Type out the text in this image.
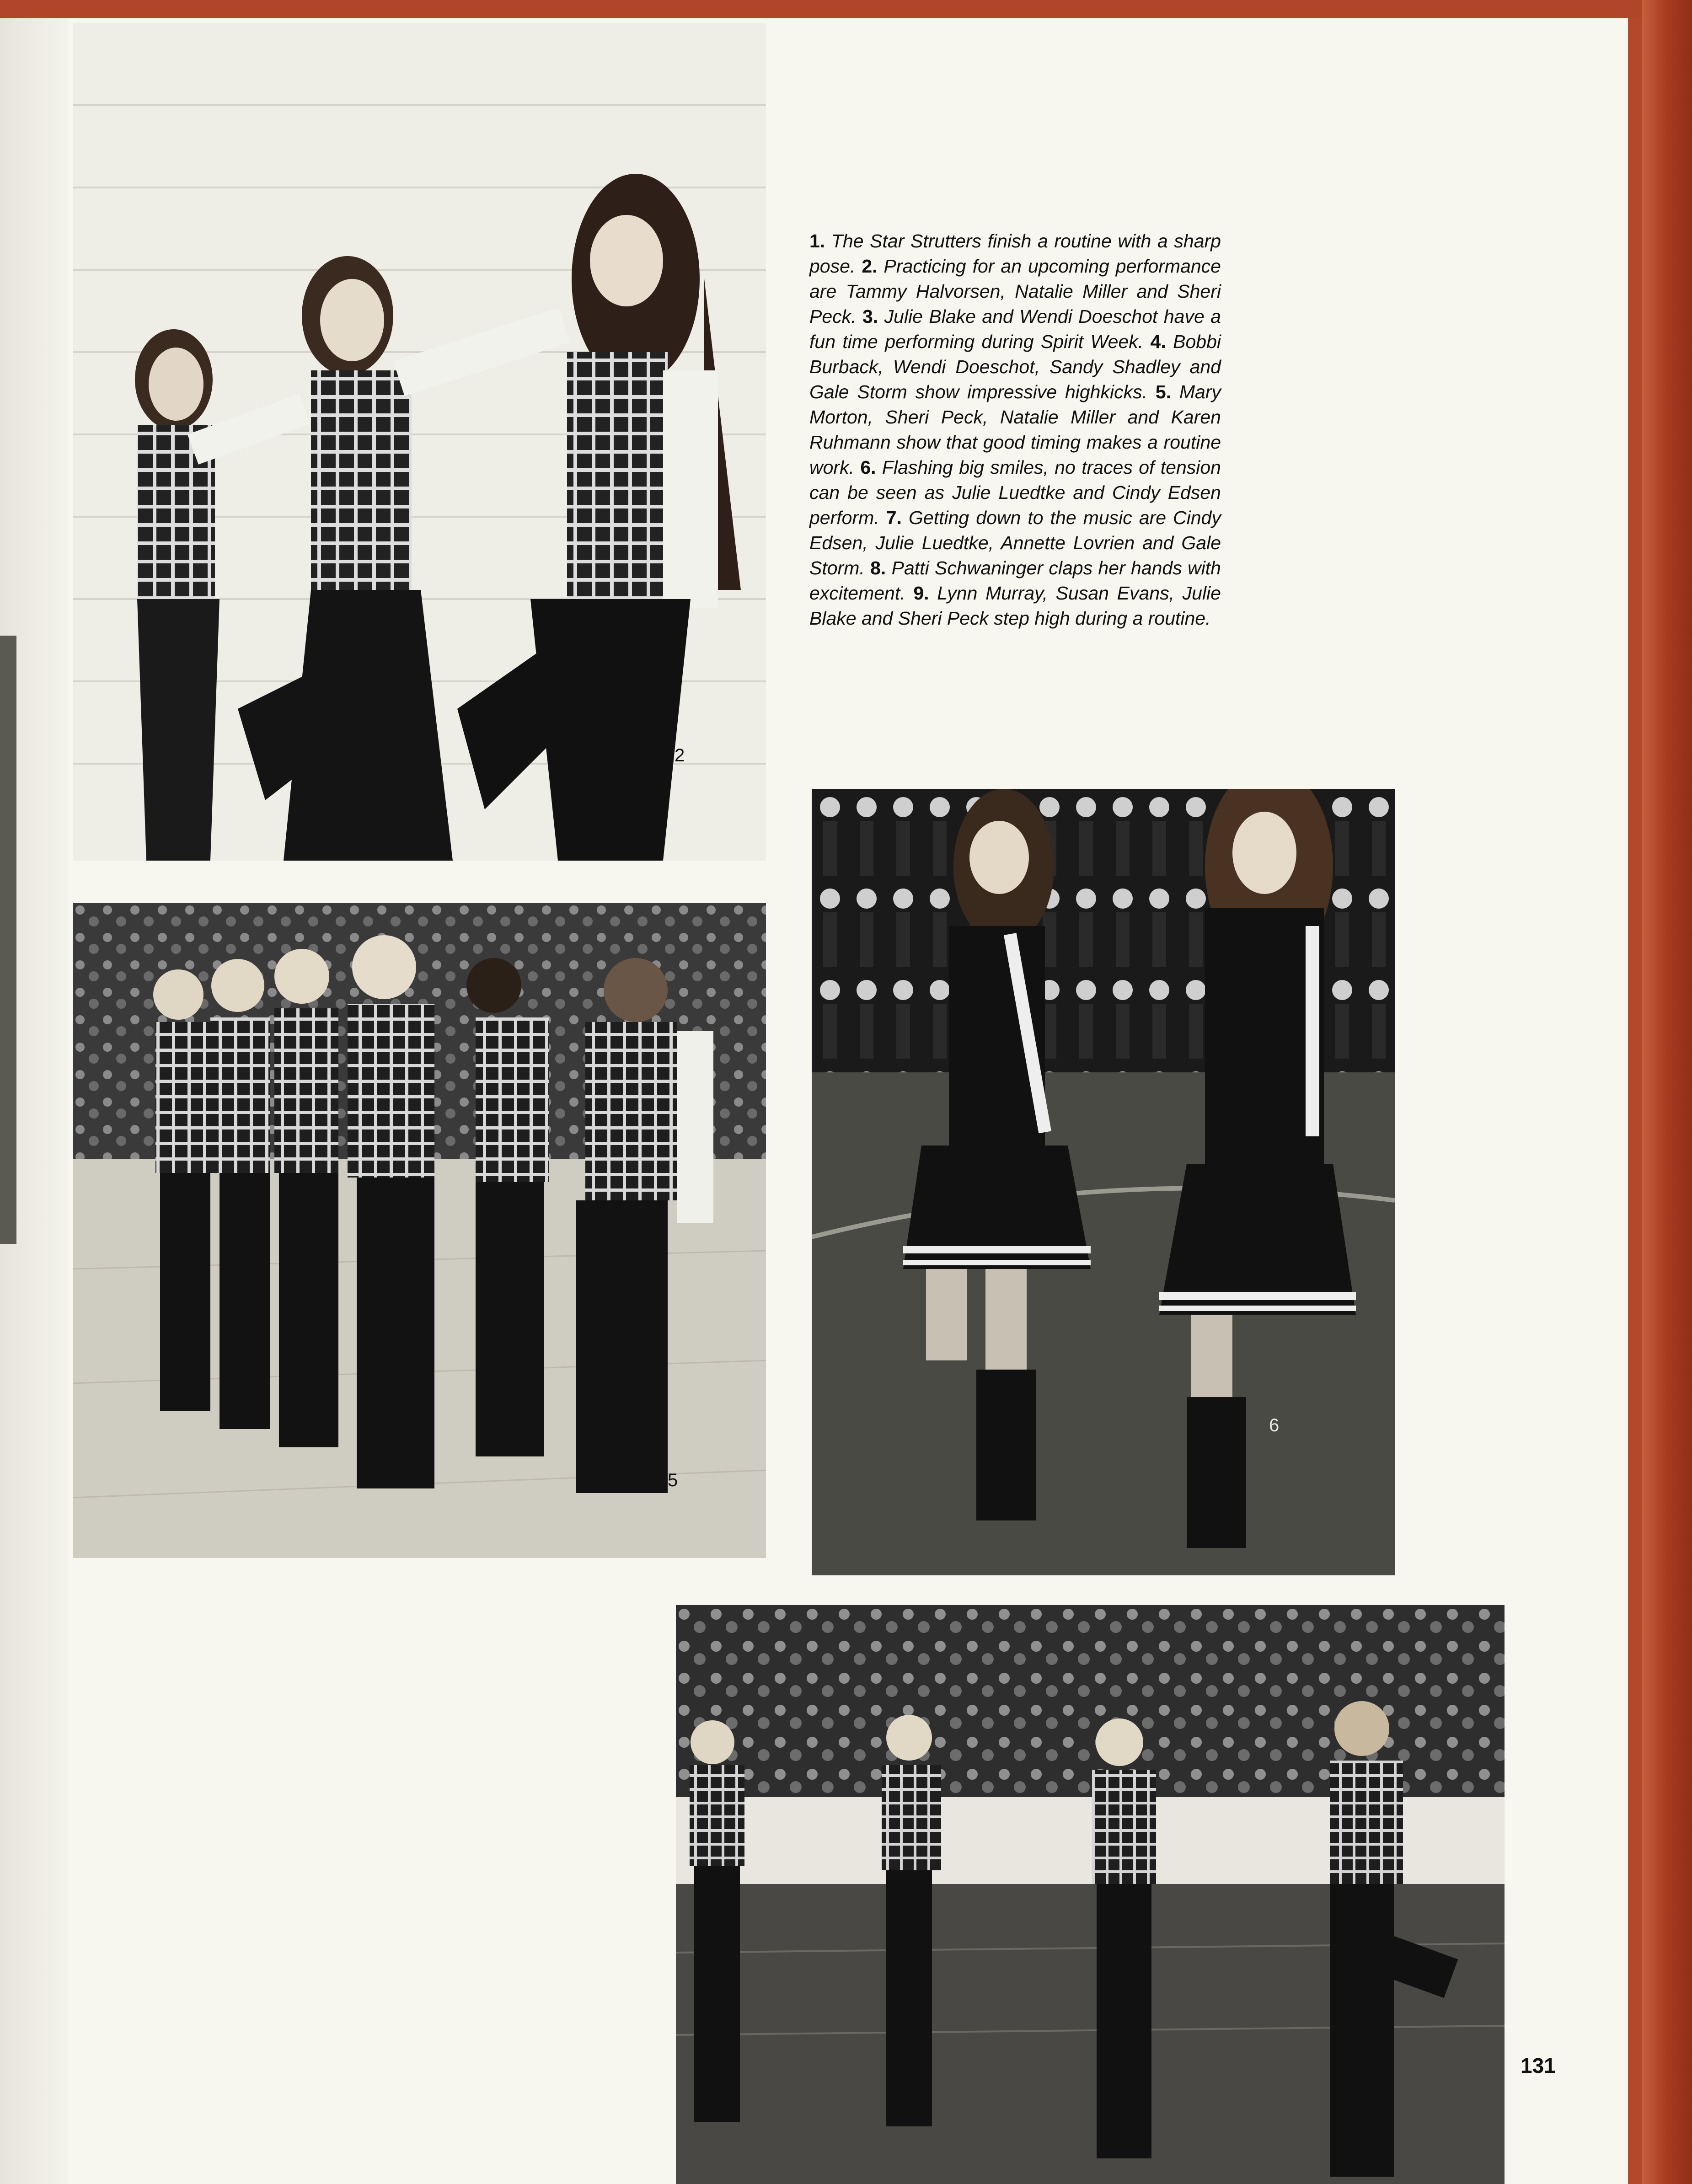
2
5
6
1. The Star Strutters finish a routine with a sharp pose. 2. Practicing for an upcoming performance are Tammy Halvorsen, Natalie Miller and Sheri Peck. 3. Julie Blake and Wendi Doeschot have a fun time performing during Spirit Week. 4. Bobbi Burback, Wendi Doeschot, Sandy Shadley and Gale Storm show impressive highkicks. 5. Mary Morton, Sheri Peck, Natalie Miller and Karen Ruhmann show that good timing makes a routine work. 6. Flashing big smiles, no traces of tension can be seen as Julie Luedtke and Cindy Edsen perform. 7. Getting down to the music are Cindy Edsen, Julie Luedtke, Annette Lovrien and Gale Storm. 8. Patti Schwaninger claps her hands with excitement. 9. Lynn Murray, Susan Evans, Julie Blake and Sheri Peck step high during a routine.
131
